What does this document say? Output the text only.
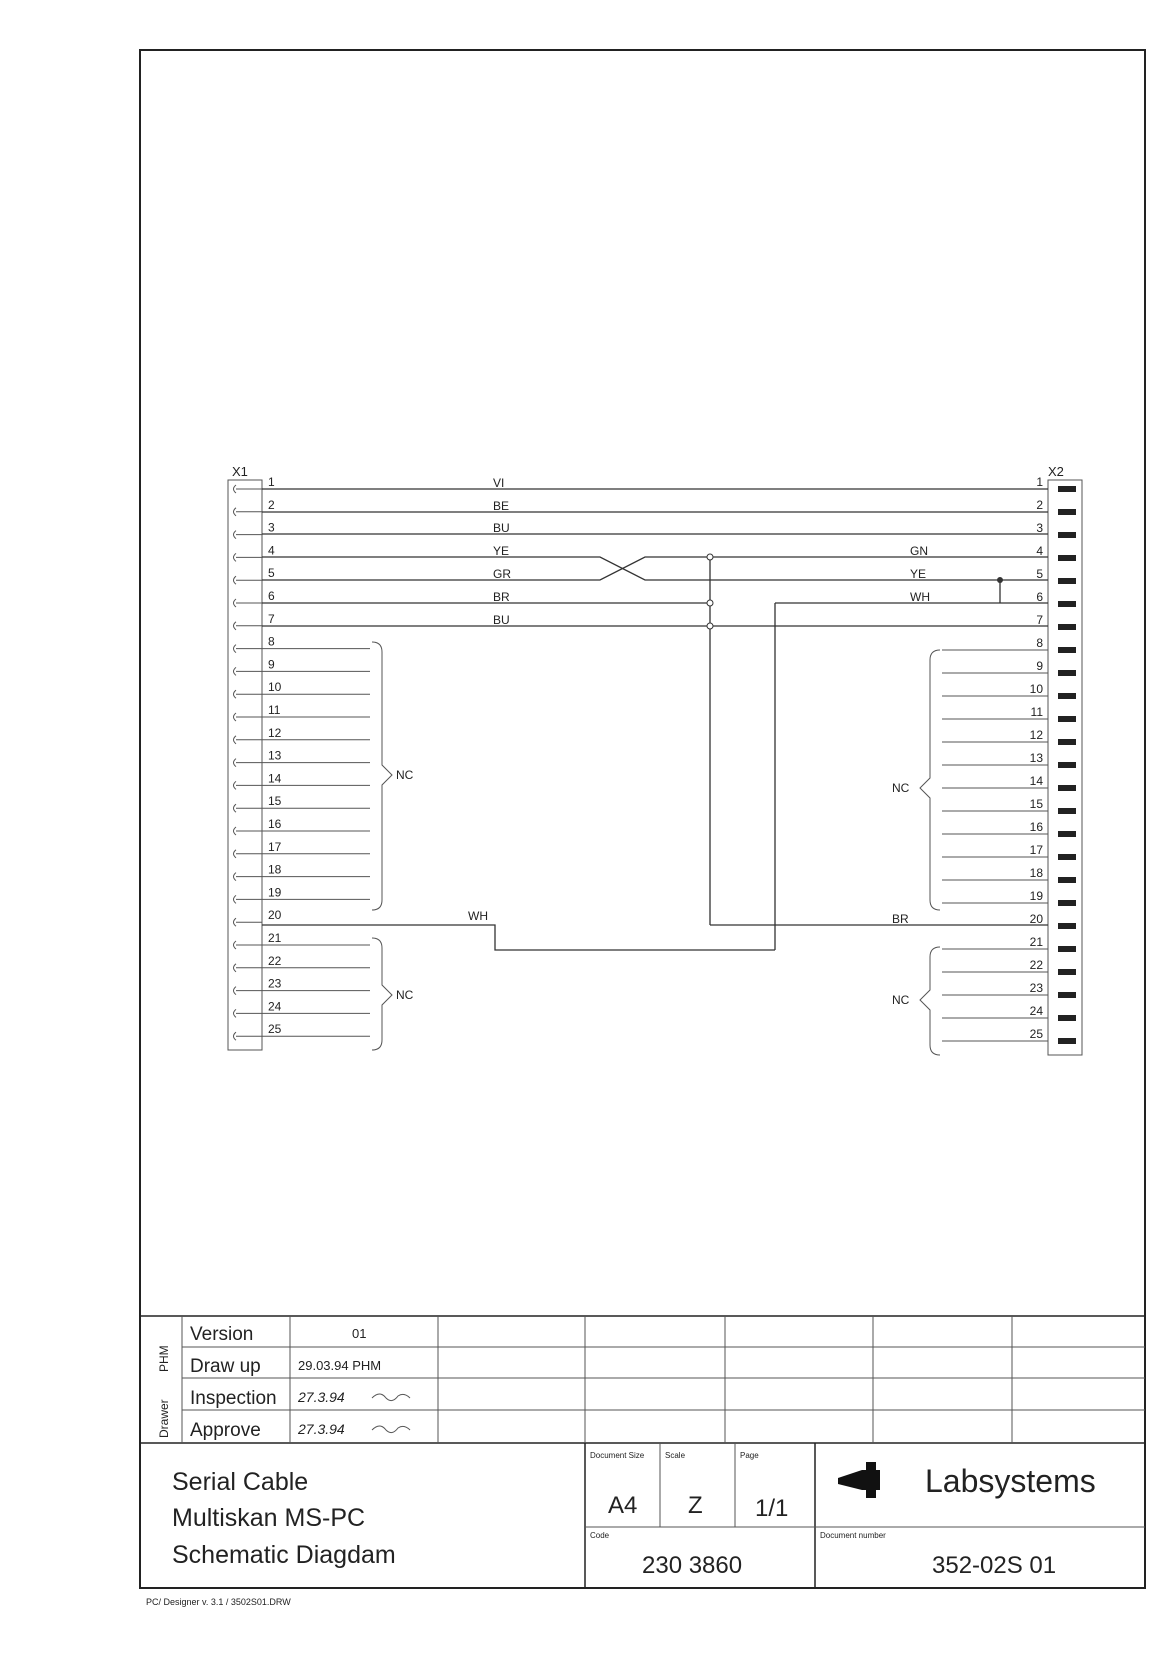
X1	X2
1
2
3
4
5
6
7
8
9
10
11
12
13
14
15
16
17
18
19
20
21
22
23
24
25
1
2
3
4
5
6
7
8
9
10
11
12
13
14
15
16
17
18
19
20
21
22
23
24
25
VI
BE
BU
YE
GR
BR
BU
GN
YE
WH
WH	BR
NC
NC
NC
NC
Drawer
PHM
Version
Draw up
Inspection
Approve
01
29.03.94 PHM
27.3.94
27.3.94
Serial Cable
Multiskan MS-PC
Schematic Diagdam
Document Size
A4
Scale
Z
Page
1/1
Code
230 3860
Labsystems
Document number
352-02S 01
PC/ Designer v. 3.1 / 3502S01.DRW
